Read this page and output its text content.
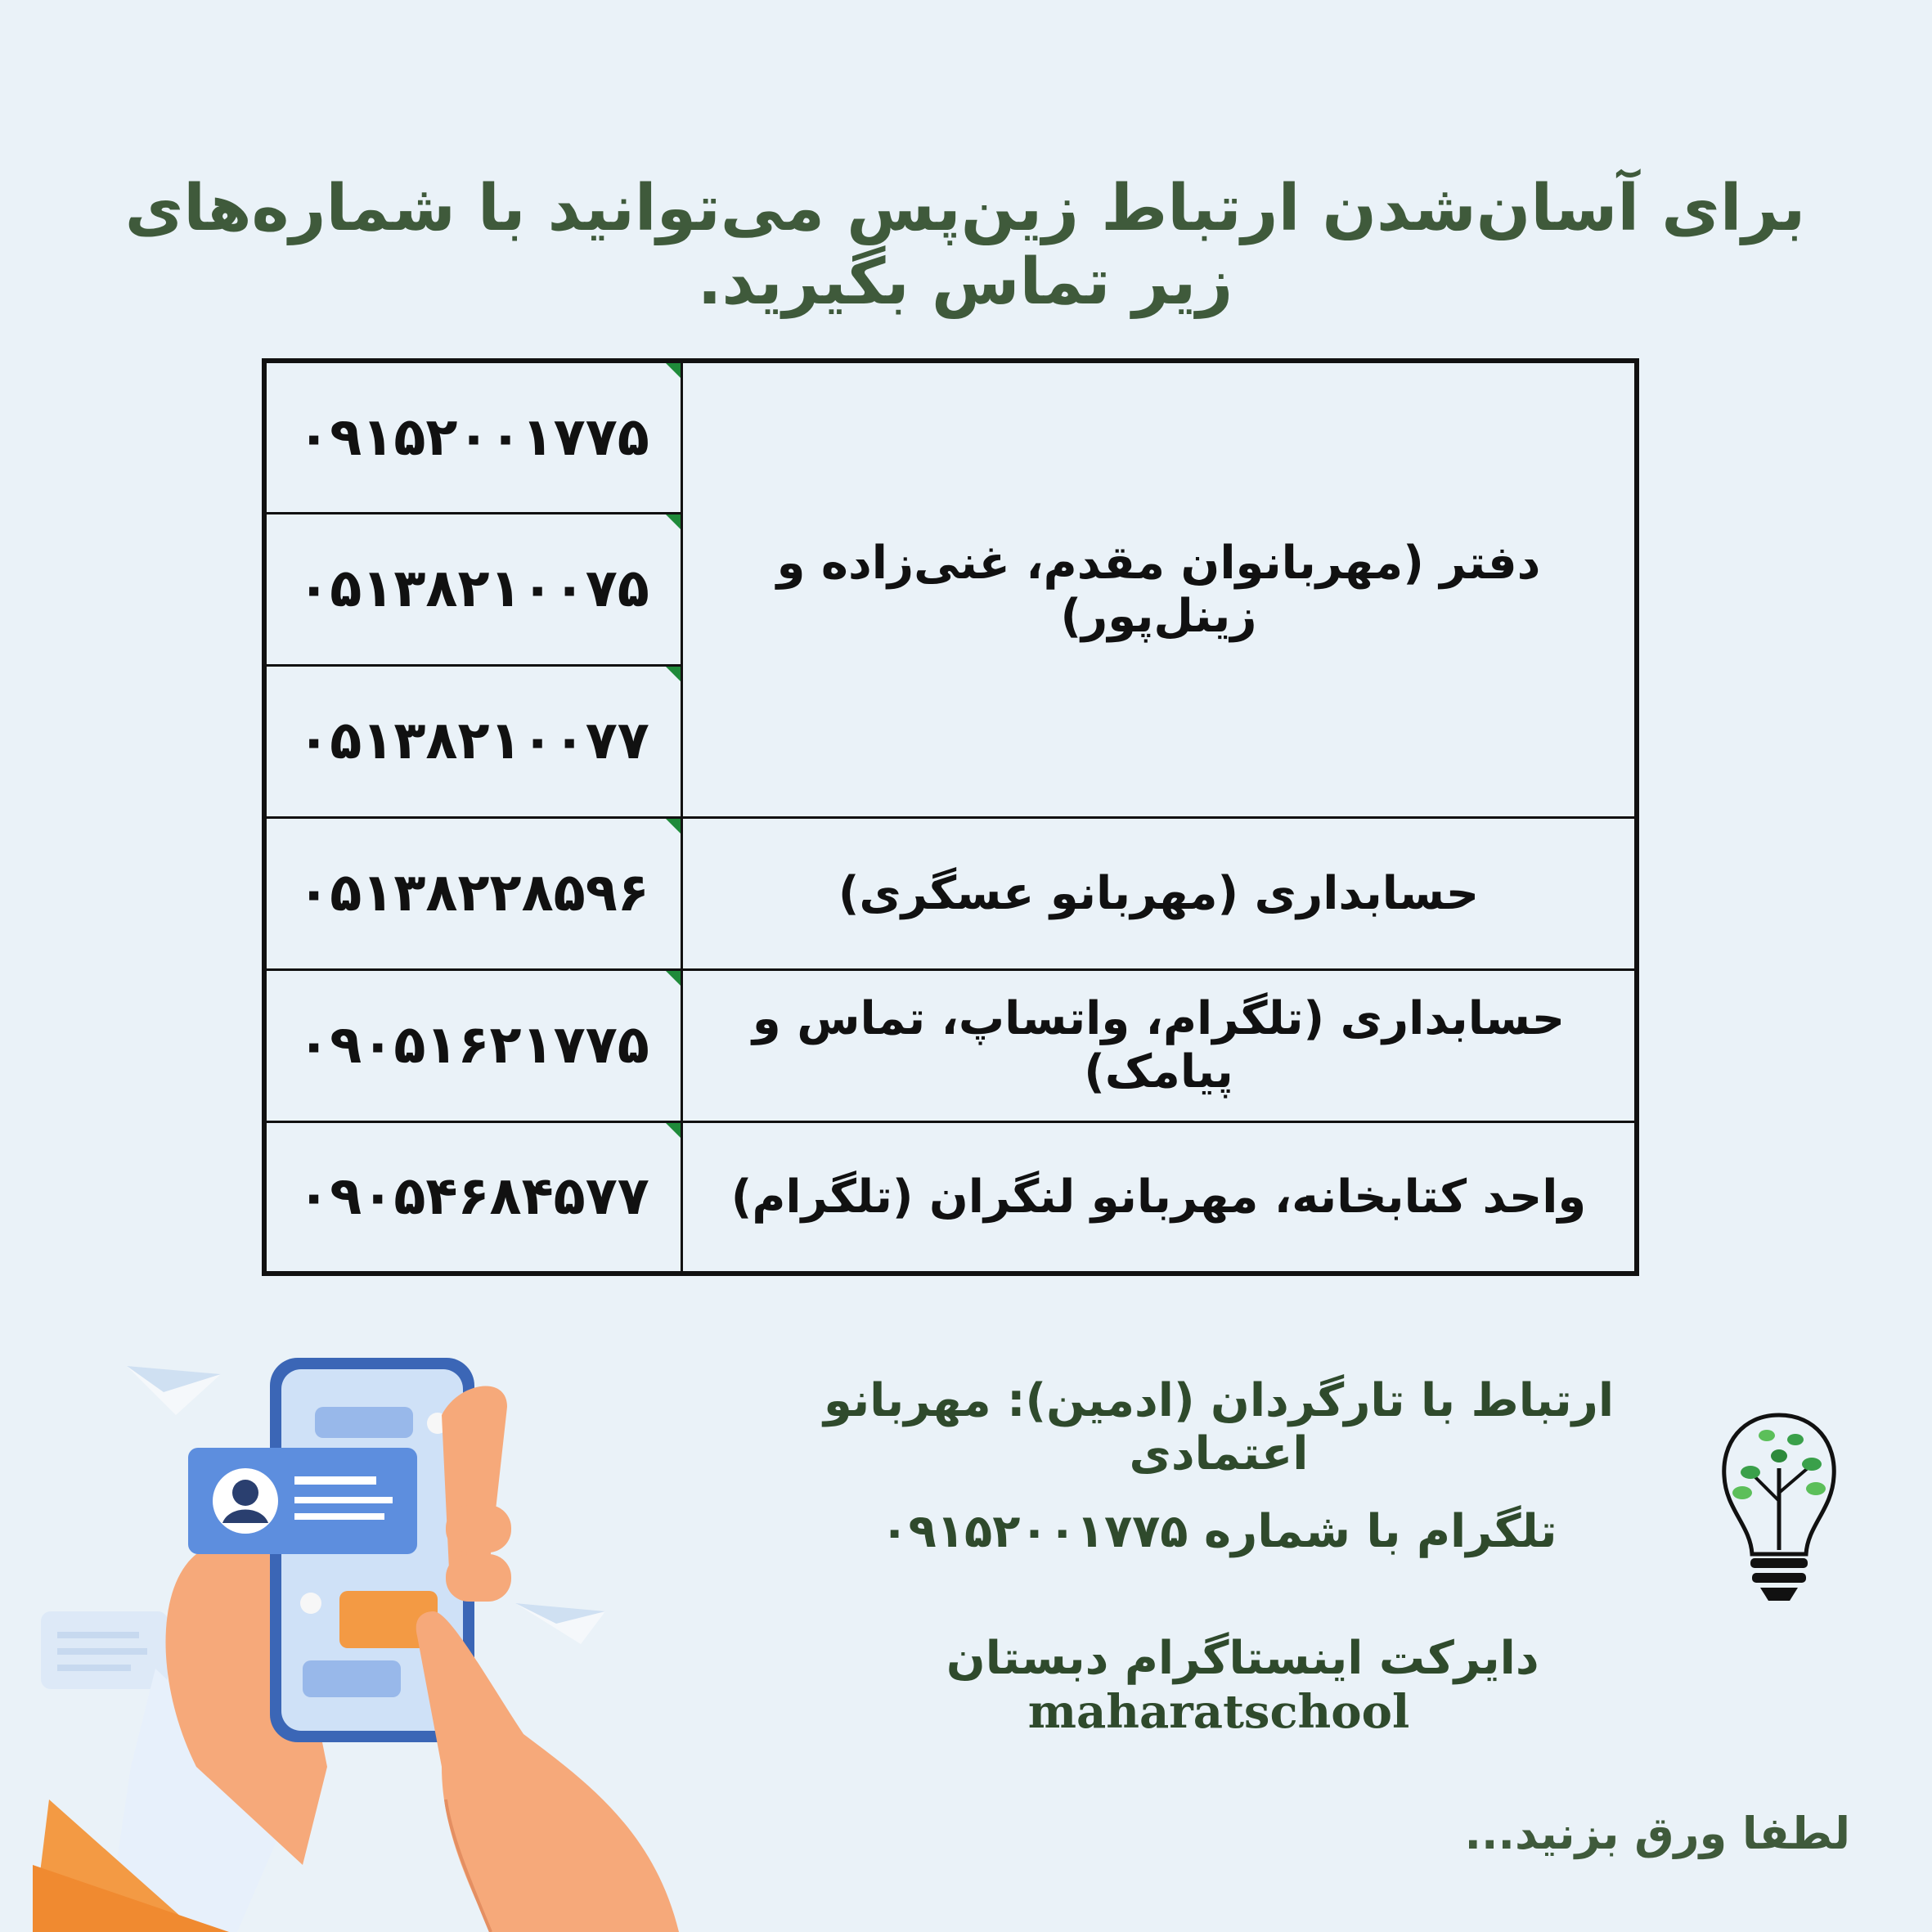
برای آسان‌شدن ارتباط زین‌پس می‌توانید با شماره‌های زیر تماس بگیرید.
۰۹۱۵۲۰۰۱۷۷۵	دفتر (مهربانوان مقدم، غنی‌زاده و زینل‌پور)
۰۵۱۳۸۲۱۰۰۷۵	
۰۵۱۳۸۲۱۰۰۷۷	
۰۵۱۳۸۲۲۸۵۹۶	حسابداری (مهربانو عسگری)
۰۹۰۵۱۶۲۱۷۷۵	حسابداری (تلگرام، واتساپ، تماس و پیامک)
۰۹۰۵۴۶۸۴۵۷۷	واحد کتابخانه، مهربانو لنگران (تلگرام)
ارتباط با تارگردان (ادمین): مهربانو اعتمادی
تلگرام با شماره ۰۹۱۵۲۰۰۱۷۷۵
دایرکت اینستاگرام دبستان    maharatschool
لطفا ورق بزنید...
